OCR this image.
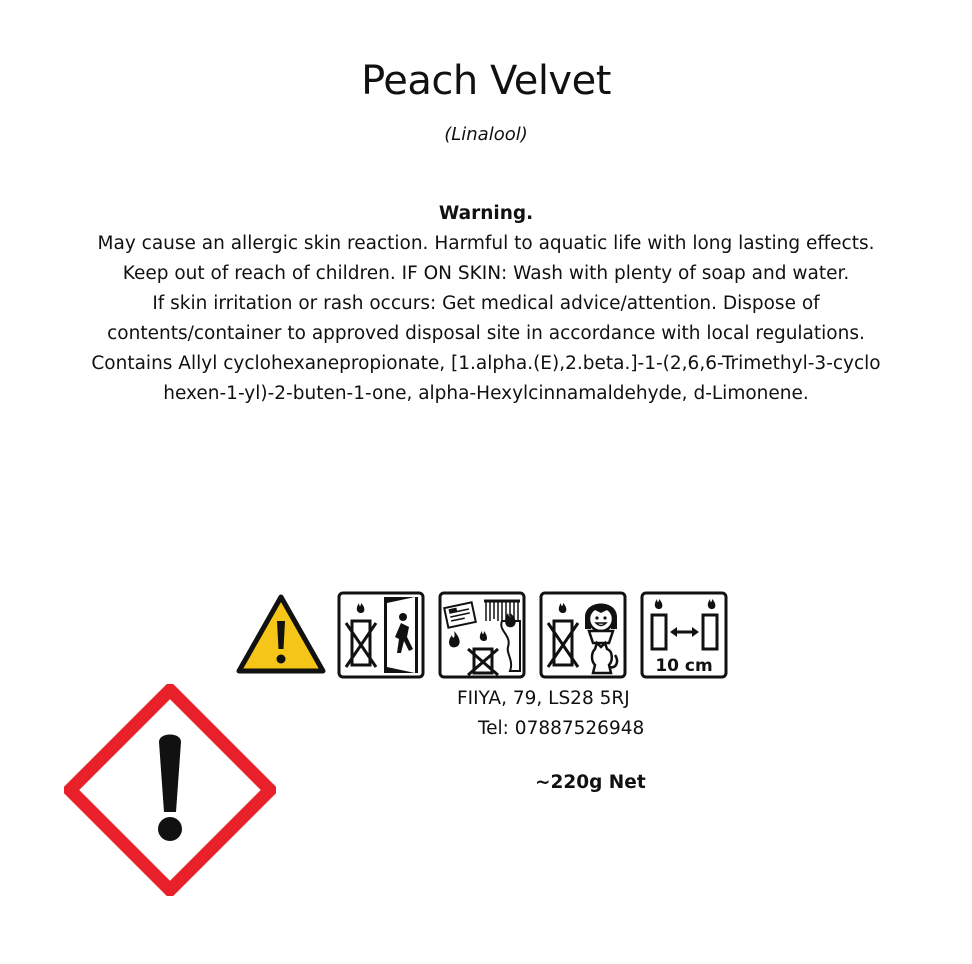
Peach Velvet
(Linalool)
Warning.
May cause an allergic skin reaction. Harmful to aquatic life with long lasting effects.
Keep out of reach of children. IF ON SKIN: Wash with plenty of soap and water.
If skin irritation or rash occurs: Get medical advice/attention. Dispose of
contents/container to approved disposal site in accordance with local regulations.
Contains Allyl cyclohexanepropionate, [1.alpha.(E),2.beta.]-1-(2,6,6-Trimethyl-3-cyclo
hexen-1-yl)-2-buten-1-one, alpha-Hexylcinnamaldehyde, d-Limonene.
10 cm
FIIYA, 79, LS28 5RJ
Tel: 07887526948
~220g Net
